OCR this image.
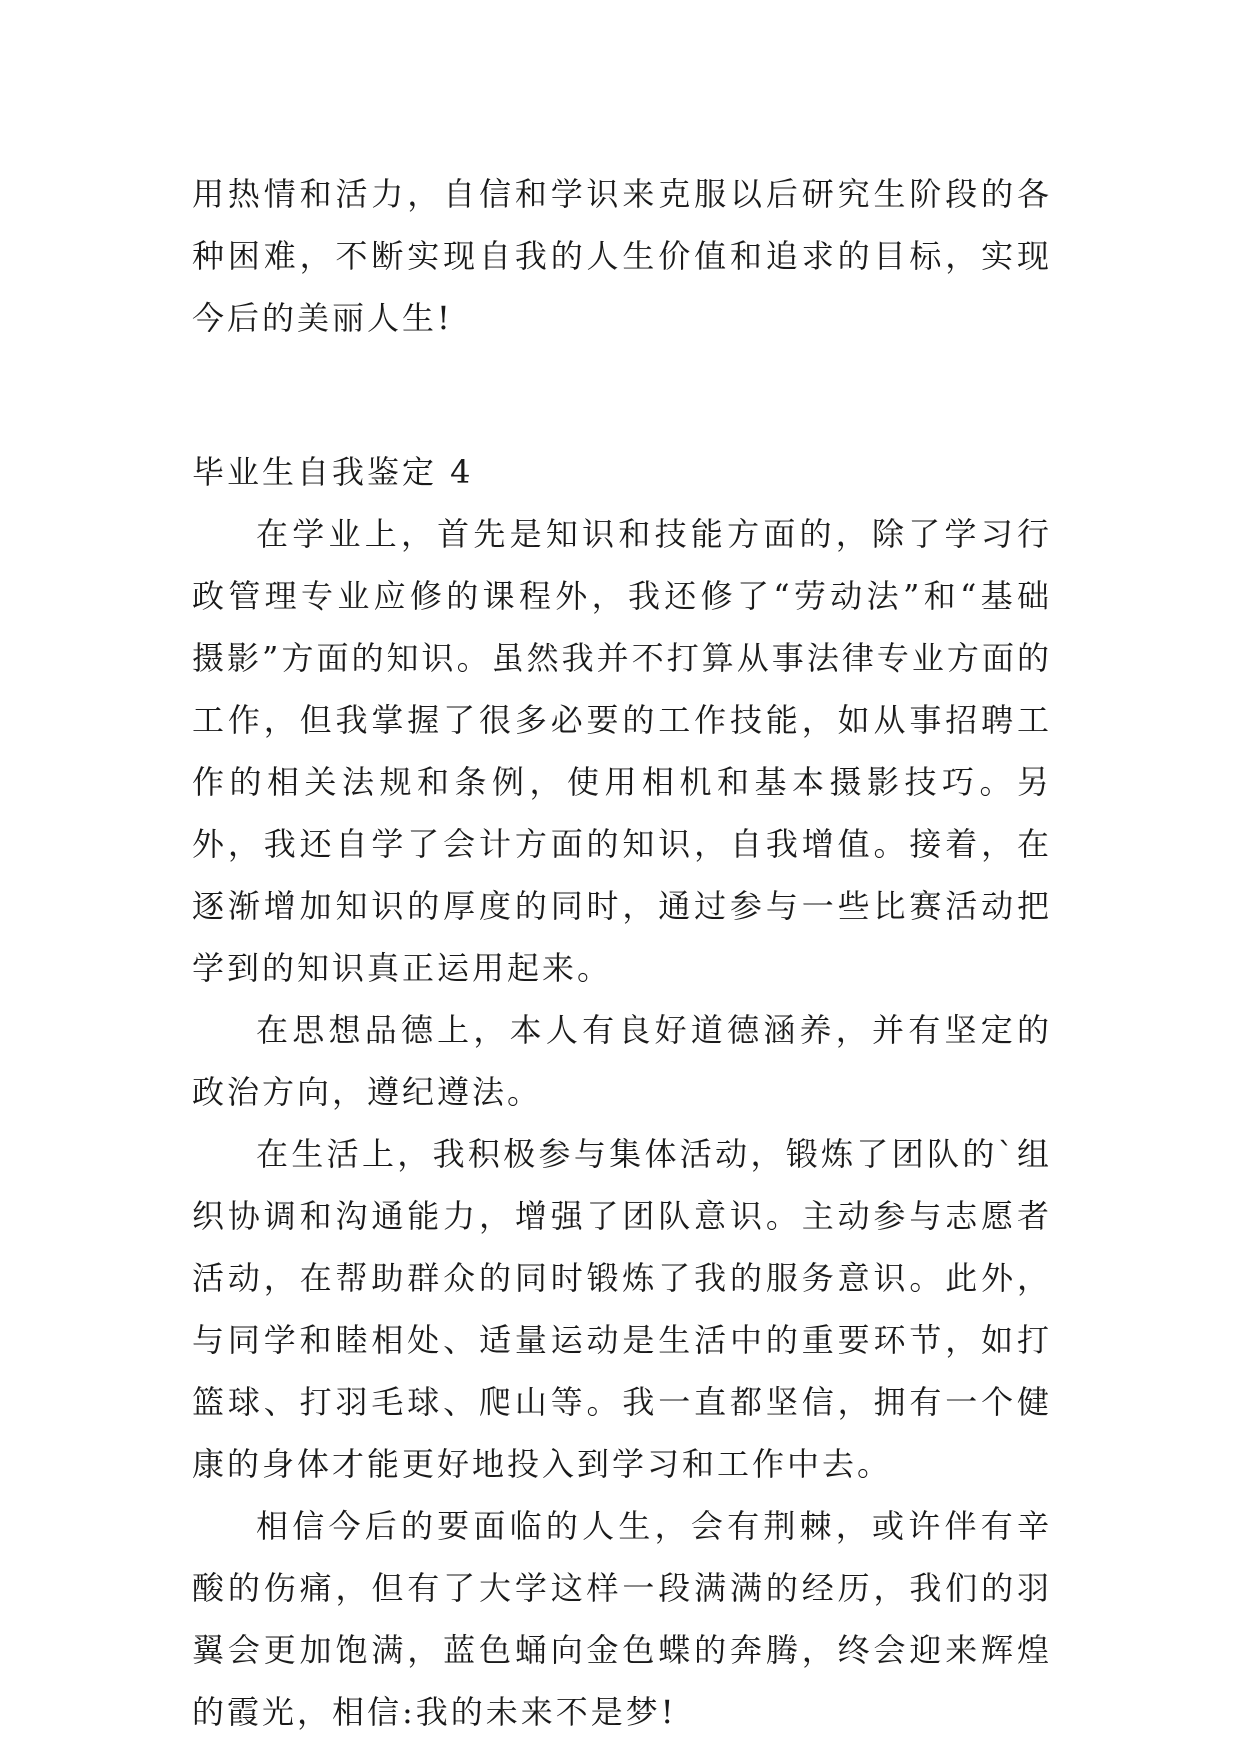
用热情和活力，自信和学识来克服以后研究生阶段的各种困难，不断实现自我的人生价值和追求的目标，实现今后的美丽人生!

毕业生自我鉴定 4

在学业上，首先是知识和技能方面的，除了学习行政管理专业应修的课程外，我还修了“劳动法”和“基础摄影”方面的知识。虽然我并不打算从事法律专业方面的工作，但我掌握了很多必要的工作技能，如从事招聘工作的相关法规和条例，使用相机和基本摄影技巧。另外，我还自学了会计方面的知识，自我增值。接着，在逐渐增加知识的厚度的同时，通过参与一些比赛活动把学到的知识真正运用起来。

在思想品德上，本人有良好道德涵养，并有坚定的政治方向，遵纪遵法。

在生活上，我积极参与集体活动，锻炼了团队的`组织协调和沟通能力，增强了团队意识。主动参与志愿者活动，在帮助群众的同时锻炼了我的服务意识。此外，与同学和睦相处、适量运动是生活中的重要环节，如打篮球、打羽毛球、爬山等。我一直都坚信，拥有一个健康的身体才能更好地投入到学习和工作中去。

相信今后的要面临的人生，会有荆棘，或许伴有辛酸的伤痛，但有了大学这样一段满满的经历，我们的羽翼会更加饱满，蓝色蛹向金色蝶的奔腾，终会迎来辉煌的霞光，相信:我的未来不是梦!
